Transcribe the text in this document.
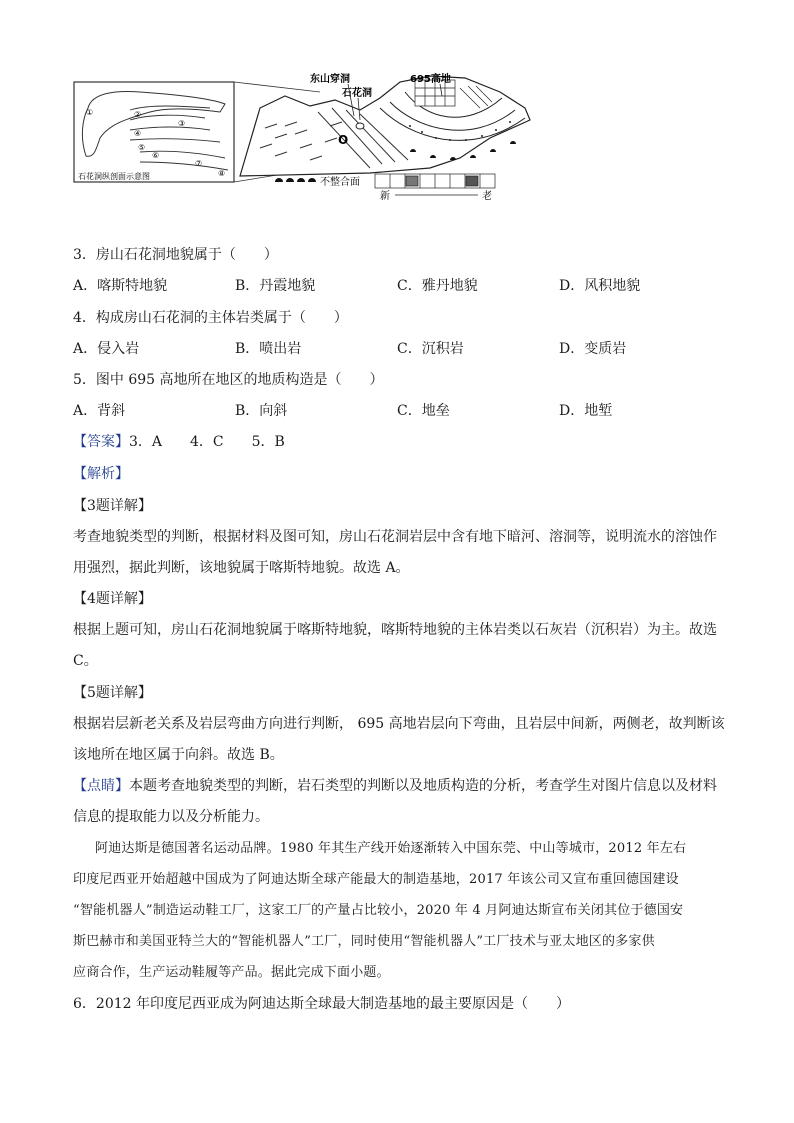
①	②
③
④
⑤
⑥
⑦
⑧
石花洞纵剖面示意图
O
东山穿洞
石花洞
695高地
不整合面
新	老
3．房山石花洞地貌属于（　　）
A．喀斯特地貌	B．丹霞地貌	C．雅丹地貌	D．风积地貌
4．构成房山石花洞的主体岩类属于（　　）
A．侵入岩	B．喷出岩	C．沉积岩	D．变质岩
5．图中 695 高地所在地区的地质构造是（　　）
A．背斜	B．向斜	C．地垒	D．地堑
【答案】3．A　　4．C　　5．B
【解析】
【3题详解】
考查地貌类型的判断，根据材料及图可知，房山石花洞岩层中含有地下暗河、溶洞等，说明流水的溶蚀作
用强烈，据此判断，该地貌属于喀斯特地貌。故选 A。
【4题详解】
根据上题可知，房山石花洞地貌属于喀斯特地貌，喀斯特地貌的主体岩类以石灰岩（沉积岩）为主。故选
C。
【5题详解】
根据岩层新老关系及岩层弯曲方向进行判断， 695 高地岩层向下弯曲，且岩层中间新，两侧老，故判断该
该地所在地区属于向斜。故选 B。
【点睛】本题考查地貌类型的判断，岩石类型的判断以及地质构造的分析，考查学生对图片信息以及材料
信息的提取能力以及分析能力。
阿迪达斯是德国著名运动品牌。1980 年其生产线开始逐渐转入中国东莞、中山等城市，2012 年左右
印度尼西亚开始超越中国成为了阿迪达斯全球产能最大的制造基地，2017 年该公司又宣布重回德国建设
“智能机器人”制造运动鞋工厂，这家工厂的产量占比较小，2020 年 4 月阿迪达斯宣布关闭其位于德国安
斯巴赫市和美国亚特兰大的“智能机器人”工厂，同时使用“智能机器人”工厂技术与亚太地区的多家供
应商合作，生产运动鞋履等产品。据此完成下面小题。
6．2012 年印度尼西亚成为阿迪达斯全球最大制造基地的最主要原因是（　　）
